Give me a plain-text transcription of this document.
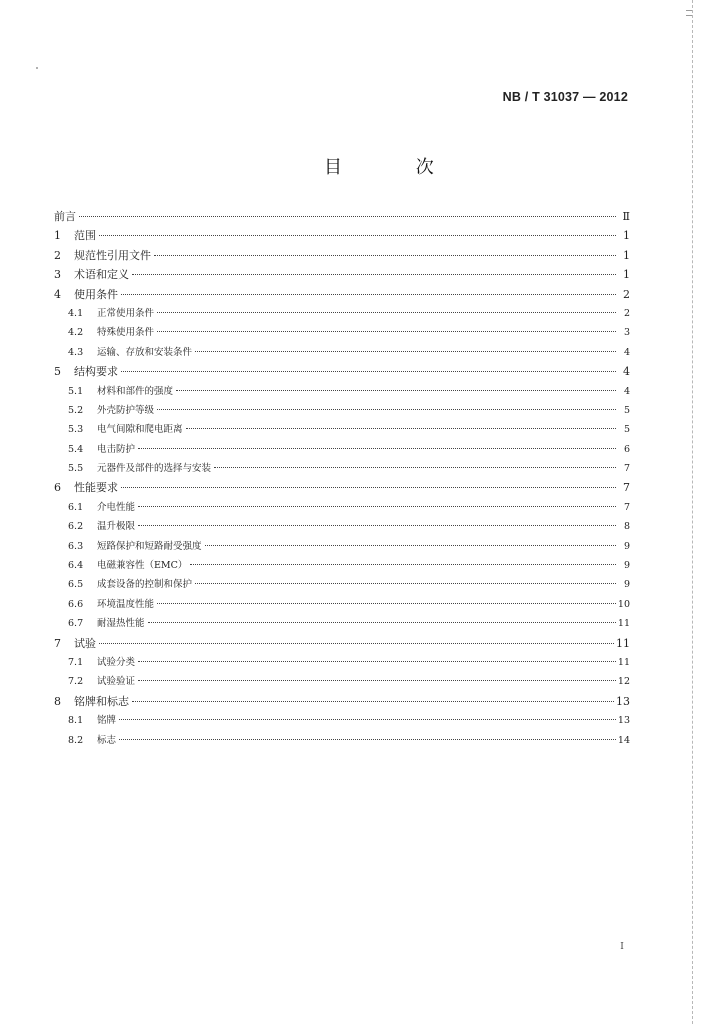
NB / T 31037 — 2012
目 次
前言	Ⅱ
1	范围	1
2	规范性引用文件	1
3	术语和定义	1
4	使用条件	2
4.1	正常使用条件	2
4.2	特殊使用条件	3
4.3	运输、存放和安装条件	4
5	结构要求	4
5.1	材料和部件的强度	4
5.2	外壳防护等级	5
5.3	电气间隙和爬电距离	5
5.4	电击防护	6
5.5	元器件及部件的选择与安装	7
6	性能要求	7
6.1	介电性能	7
6.2	温升极限	8
6.3	短路保护和短路耐受强度	9
6.4	电磁兼容性（EMC）	9
6.5	成套设备的控制和保护	9
6.6	环境温度性能	10
6.7	耐湿热性能	11
7	试验	11
7.1	试验分类	11
7.2	试验验证	12
8	铭牌和标志	13
8.1	铭牌	13
8.2	标志	14
I
